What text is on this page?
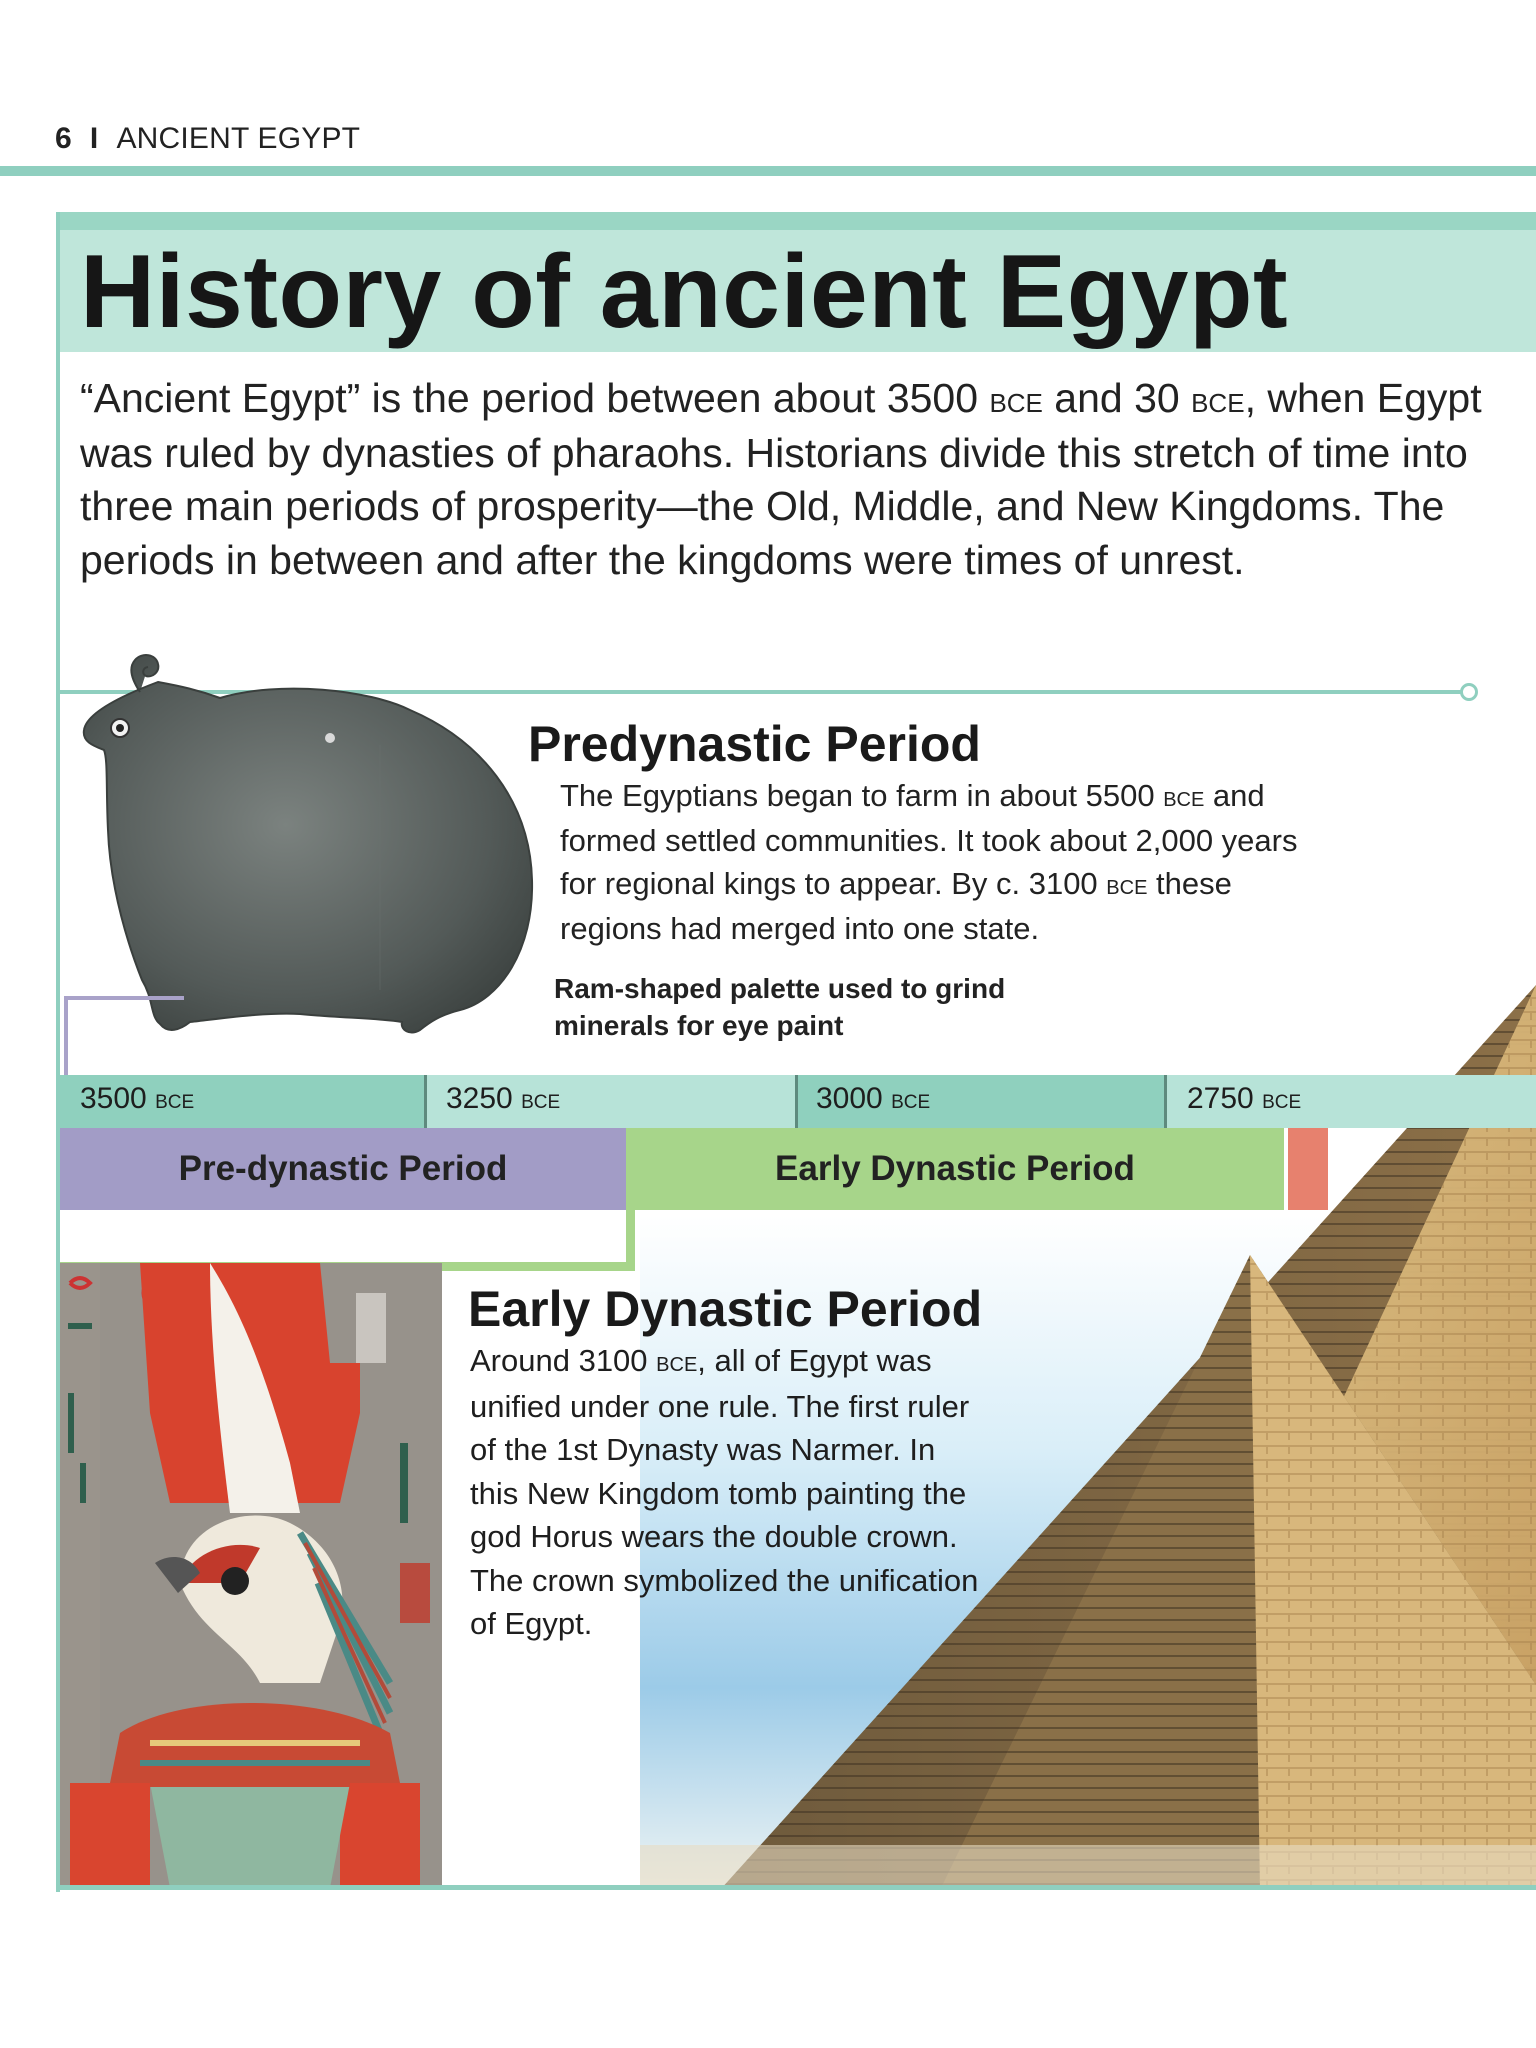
6 I ANCIENT EGYPT
History of ancient Egypt
“Ancient Egypt” is the period between about 3500 bce and 30 bce, when Egypt was ruled by dynasties of pharaohs. Historians divide this stretch of time into three main periods of prosperity—the Old, Middle, and New Kingdoms. The periods in between and after the kingdoms were times of unrest.
Predynastic Period
The Egyptians began to farm in about 5500 bce and formed settled communities. It took about 2,000 years for regional kings to appear. By c. 3100 bce these regions had merged into one state.
Ram-shaped palette used to grind minerals for eye paint
3500 bce	3250 bce	3000 bce	2750 bce
Pre-dynastic Period	Early Dynastic Period
Early Dynastic Period
Around 3100 bce, all of Egypt was unified under one rule. The first ruler of the 1st Dynasty was Narmer. In this New Kingdom tomb painting the god Horus wears the double crown. The crown symbolized the unification of Egypt.
